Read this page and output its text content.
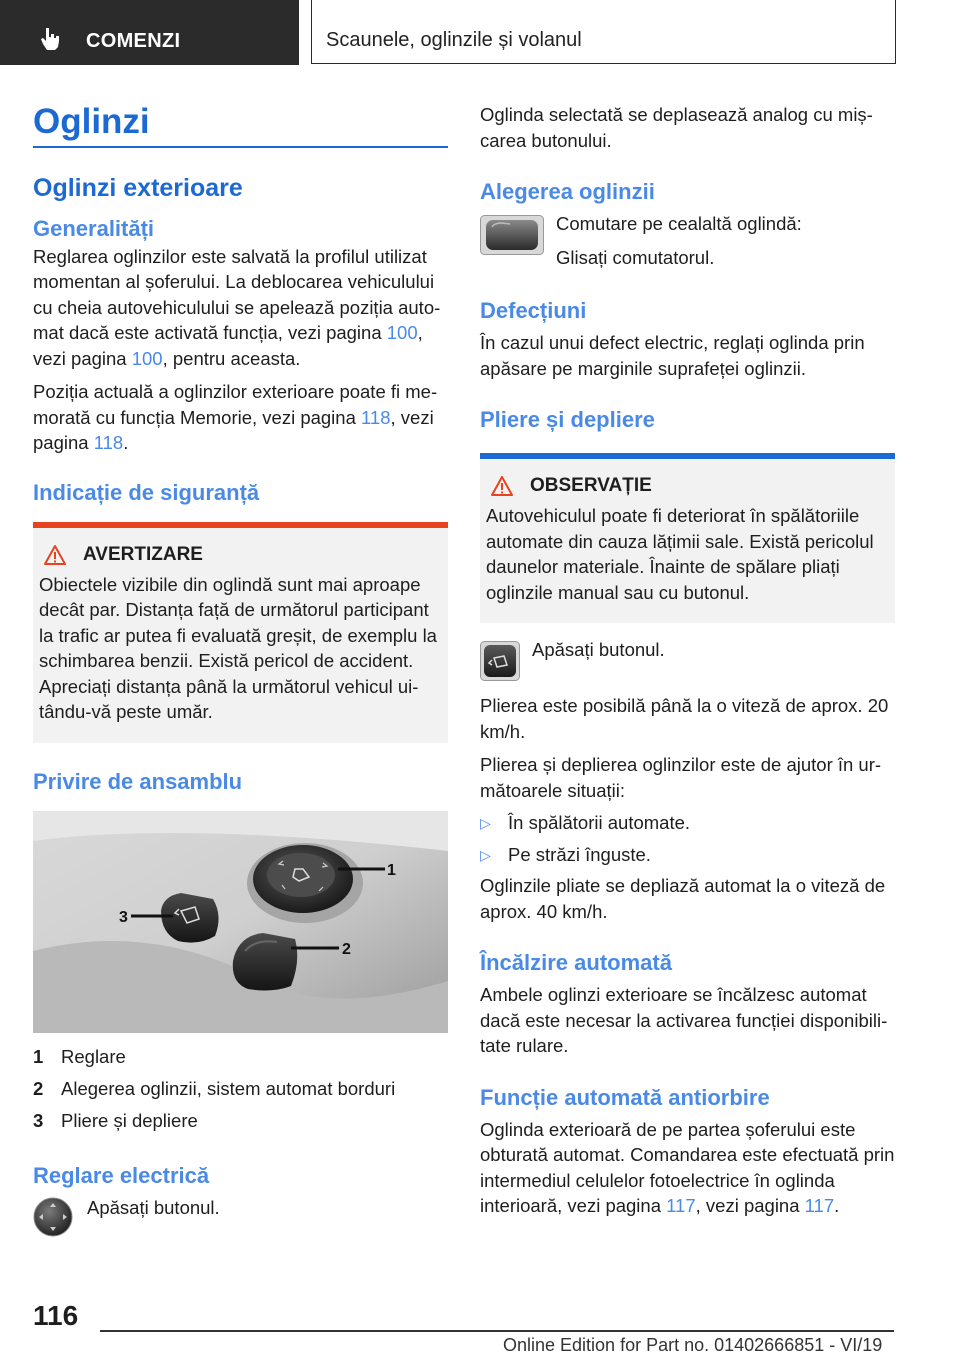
COMENZI	Scaunele, oglinzile și volanul
Oglinzi
Oglinzi exterioare
Generalități

Reglarea oglinzilor este salvată la profilul utilizat momentan al șoferului. La deblocarea vehiculului cu cheia autovehiculului se apelează poziția auto-mat dacă este activată funcția, vezi pagina 100, vezi pagina 100, pentru aceasta.

Poziția actuală a oglinzilor exterioare poate fi me-morată cu funcția Memorie, vezi pagina 118, vezi pagina 118.

Indicație de siguranță
AVERTIZARE

Obiectele vizibile din oglindă sunt mai aproape decât par. Distanța față de următorul participant la trafic ar putea fi evaluată greșit, de exemplu la schimbarea benzii. Există pericol de accident. Apreciați distanța până la următorul vehicul ui-tându-vă peste umăr.

Privire de ansamblu
1
2
3
1 Reglare
2 Alegerea oglinzii, sistem automat borduri
3 Pliere și depliere
Reglare electrică

Apăsați butonul.

Oglinda selectată se deplasează analog cu miș-carea butonului.

Alegerea oglinzii

Comutare pe cealaltă oglindă:

Glisați comutatorul.

Defecțiuni

În cazul unui defect electric, reglați oglinda prin apăsare pe marginile suprafeței oglinzii.

Pliere și depliere
OBSERVAȚIE

Autovehiculul poate fi deteriorat în spălătoriile automate din cauza lățimii sale. Există pericolul daunelor materiale. Înainte de spălare pliați oglinzile manual sau cu butonul.

Apăsați butonul.

Plierea este posibilă până la o viteză de aprox. 20 km/h.

Plierea și deplierea oglinzilor este de ajutor în ur-mătoarele situații:

▷ În spălătorii automate.
▷ Pe străzi înguste.

Oglinzile pliate se depliază automat la o viteză de aprox. 40 km/h.

Încălzire automată

Ambele oglinzi exterioare se încălzesc automat dacă este necesar la activarea funcției disponibili-tate rulare.

Funcție automată antiorbire

Oglinda exterioară de pe partea șoferului este obturată automat. Comandarea este efectuată prin intermediul celulelor fotoelectrice în oglinda interioară, vezi pagina 117, vezi pagina 117.

116
Online Edition for Part no. 01402666851 - VI/19
